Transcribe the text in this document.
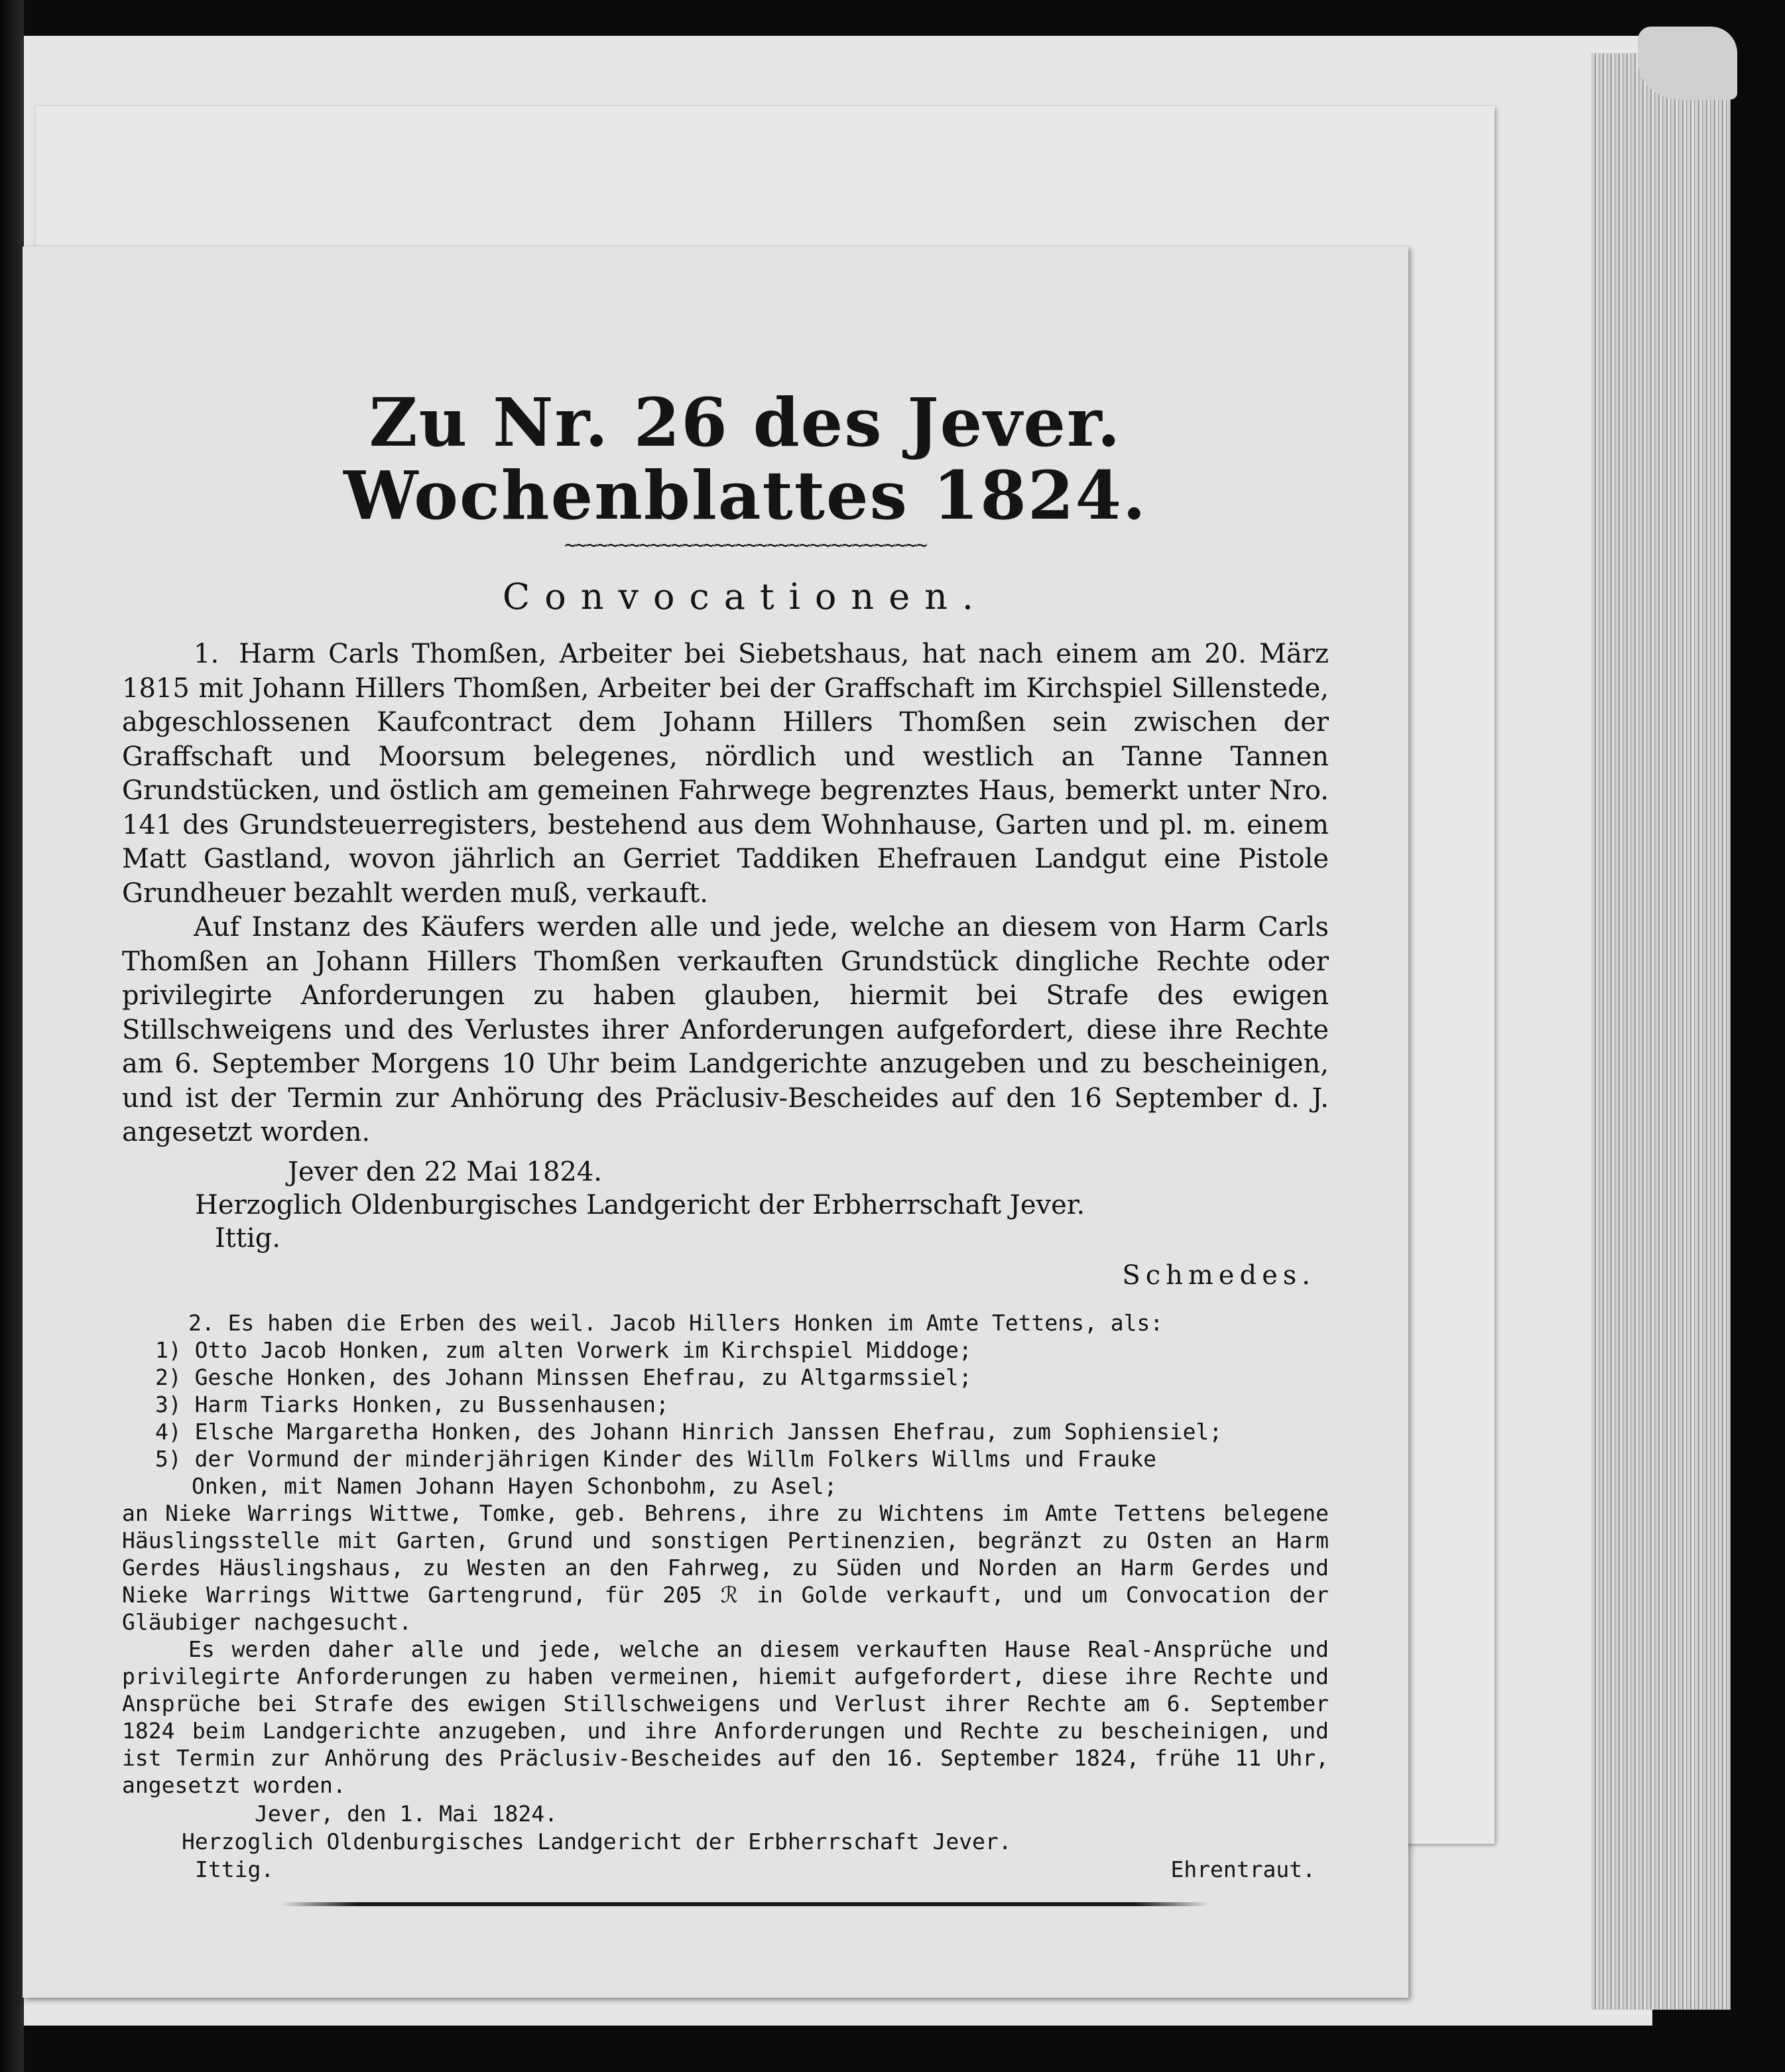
Zu Nr. 26 des Jever. Wochenblattes 1824.
~~~~~~~~~~~~~~~~~~~~~~~~~~~~~~~~~~
Convocationen.

1. Harm Carls Thomßen, Arbeiter bei Siebetshaus, hat nach einem am 20. März 1815 mit Johann Hillers Thomßen, Arbeiter bei der Graffschaft im Kirchspiel Sillenstede, abgeschlossenen Kaufcontract dem Johann Hillers Thomßen sein zwischen der Graffschaft und Moorsum belegenes, nördlich und westlich an Tanne Tannen Grundstücken, und östlich am gemeinen Fahrwege begrenztes Haus, bemerkt unter Nro. 141 des Grundsteuerregisters, bestehend aus dem Wohnhause, Garten und pl. m. einem Matt Gastland, wovon jährlich an Gerriet Taddiken Ehefrauen Landgut eine Pistole Grundheuer bezahlt werden muß, verkauft.

Auf Instanz des Käufers werden alle und jede, welche an diesem von Harm Carls Thomßen an Johann Hillers Thomßen verkauften Grundstück dingliche Rechte oder privilegirte Anforderungen zu haben glauben, hiermit bei Strafe des ewigen Stillschweigens und des Verlustes ihrer Anforderungen aufgefordert, diese ihre Rechte am 6. September Morgens 10 Uhr beim Landgerichte anzugeben und zu bescheinigen, und ist der Termin zur Anhörung des Präclusiv-Bescheides auf den 16 September d. J. angesetzt worden.

Jever den 22 Mai 1824.
Herzoglich Oldenburgisches Landgericht der Erbherrschaft Jever.
Ittig.
Schmedes.

2. Es haben die Erben des weil. Jacob Hillers Honken im Amte Tettens, als:

1) Otto Jacob Honken, zum alten Vorwerk im Kirchspiel Middoge;

2) Gesche Honken, des Johann Minssen Ehefrau, zu Altgarmssiel;

3) Harm Tiarks Honken, zu Bussenhausen;

4) Elsche Margaretha Honken, des Johann Hinrich Janssen Ehefrau, zum Sophiensiel;

5) der Vormund der minderjährigen Kinder des Willm Folkers Willms und Frauke

Onken, mit Namen Johann Hayen Schonbohm, zu Asel;

an Nieke Warrings Wittwe, Tomke, geb. Behrens, ihre zu Wichtens im Amte Tettens belegene Häuslingsstelle mit Garten, Grund und sonstigen Pertinenzien, begränzt zu Osten an Harm Gerdes Häuslingshaus, zu Westen an den Fahrweg, zu Süden und Norden an Harm Gerdes und Nieke Warrings Wittwe Gartengrund, für 205 ℛ in Golde verkauft, und um Convocation der Gläubiger nachgesucht.

Es werden daher alle und jede, welche an diesem verkauften Hause Real-Ansprüche und privilegirte Anforderungen zu haben vermeinen, hiemit aufgefordert, diese ihre Rechte und Ansprüche bei Strafe des ewigen Stillschweigens und Verlust ihrer Rechte am 6. September 1824 beim Landgerichte anzugeben, und ihre Anforderungen und Rechte zu bescheinigen, und ist Termin zur Anhörung des Präclusiv-Bescheides auf den 16. September 1824, frühe 11 Uhr, angesetzt worden.

Jever, den 1. Mai 1824.
Herzoglich Oldenburgisches Landgericht der Erbherrschaft Jever.
Ittig.	Ehrentraut.
